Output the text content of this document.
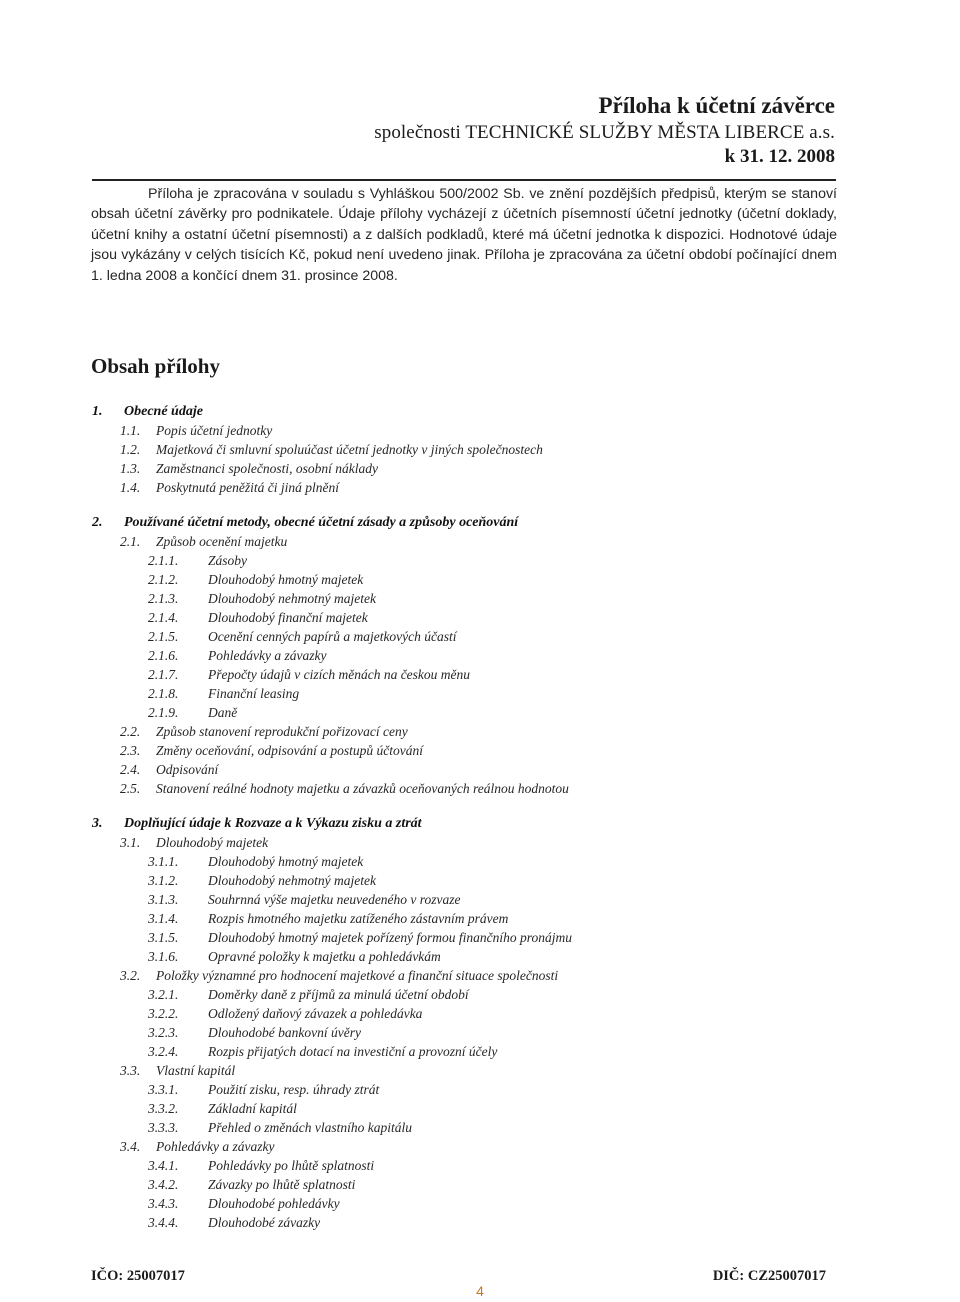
Příloha k účetní závěrce
společnosti TECHNICKÉ SLUŽBY MĚSTA LIBERCE a.s.
k 31. 12. 2008

Příloha je zpracována v souladu s Vyhláškou 500/2002 Sb. ve znění pozdějších předpisů, kterým se stanoví obsah účetní závěrky pro podnikatele. Údaje přílohy vycházejí z účetních písemností účetní jednotky (účetní doklady, účetní knihy a ostatní účetní písemnosti) a z dalších podkladů, které má účetní jednotka k dispozici. Hodnotové údaje jsou vykázány v celých tisících Kč, pokud není uvedeno jinak. Příloha je zpracována za účetní období počínající dnem 1. ledna 2008 a končící dnem 31. prosince 2008.

Obsah přílohy
1. Obecné údaje
1.1. Popis účetní jednotky
1.2. Majetková či smluvní spoluúčast účetní jednotky v jiných společnostech
1.3. Zaměstnanci společnosti, osobní náklady
1.4. Poskytnutá peněžitá či jiná plnění
2. Používané účetní metody, obecné účetní zásady a způsoby oceňování
2.1. Způsob ocenění majetku
2.1.1. Zásoby
2.1.2. Dlouhodobý hmotný majetek
2.1.3. Dlouhodobý nehmotný majetek
2.1.4. Dlouhodobý finanční majetek
2.1.5. Ocenění cenných papírů a majetkových účastí
2.1.6. Pohledávky a závazky
2.1.7. Přepočty údajů v cizích měnách na českou měnu
2.1.8. Finanční leasing
2.1.9. Daně
2.2. Způsob stanovení reprodukční pořizovací ceny
2.3. Změny oceňování, odpisování a postupů účtování
2.4. Odpisování
2.5. Stanovení reálné hodnoty majetku a závazků oceňovaných reálnou hodnotou
3. Doplňující údaje k Rozvaze a k Výkazu zisku a ztrát
3.1. Dlouhodobý majetek
3.1.1. Dlouhodobý hmotný majetek
3.1.2. Dlouhodobý nehmotný majetek
3.1.3. Souhrnná výše majetku neuvedeného v rozvaze
3.1.4. Rozpis hmotného majetku zatíženého zástavním právem
3.1.5. Dlouhodobý hmotný majetek pořízený formou finančního pronájmu
3.1.6. Opravné položky k majetku a pohledávkám
3.2. Položky významné pro hodnocení majetkové a finanční situace společnosti
3.2.1. Doměrky daně z příjmů za minulá účetní období
3.2.2. Odložený daňový závazek a pohledávka
3.2.3. Dlouhodobé bankovní úvěry
3.2.4. Rozpis přijatých dotací na investiční a provozní účely
3.3. Vlastní kapitál
3.3.1. Použití zisku, resp. úhrady ztrát
3.3.2. Základní kapitál
3.3.3. Přehled o změnách vlastního kapitálu
3.4. Pohledávky a závazky
3.4.1. Pohledávky po lhůtě splatnosti
3.4.2. Závazky po lhůtě splatnosti
3.4.3. Dlouhodobé pohledávky
3.4.4. Dlouhodobé závazky
IČO: 25007017	DIČ: CZ25007017
4
